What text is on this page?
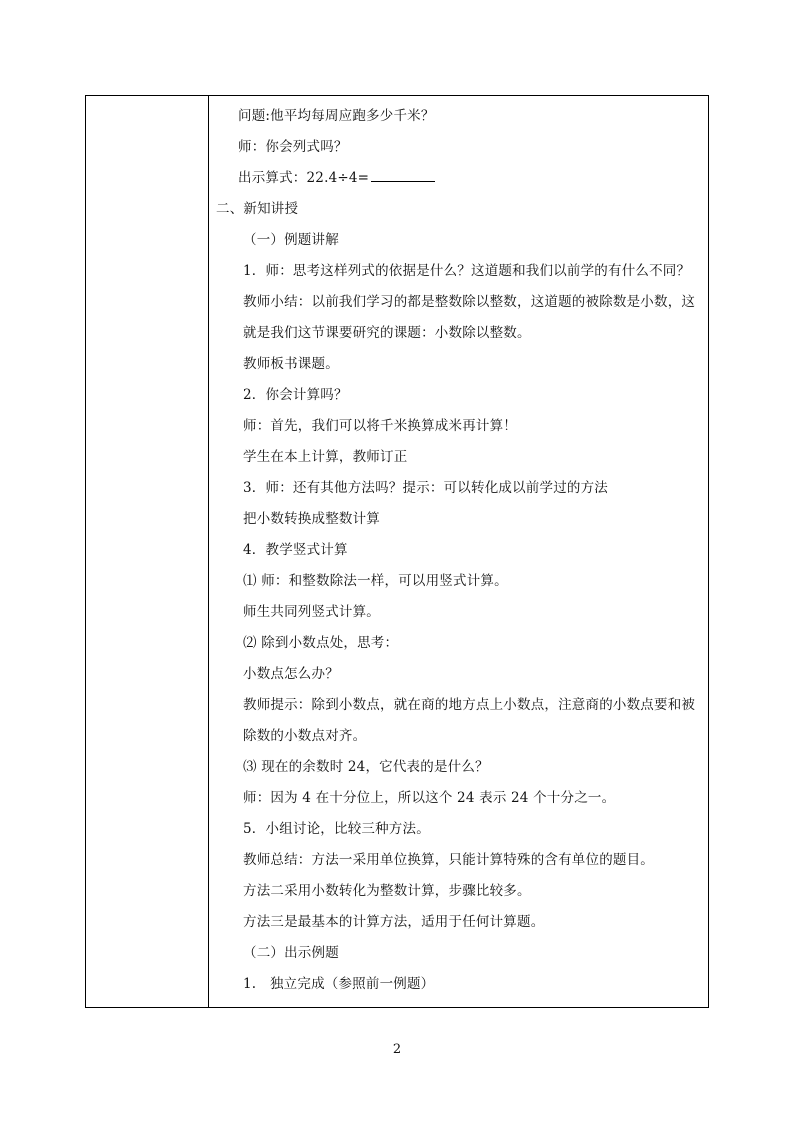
问题:他平均每周应跑多少千米？
师：你会列式吗？
出示算式：22.4÷4=
二、新知讲授
（一）例题讲解
1．师：思考这样列式的依据是什么？这道题和我们以前学的有什么不同？
教师小结：以前我们学习的都是整数除以整数，这道题的被除数是小数，这
就是我们这节课要研究的课题：小数除以整数。
教师板书课题。
2．你会计算吗？
师：首先，我们可以将千米换算成米再计算！
学生在本上计算，教师订正
3．师：还有其他方法吗？提示：可以转化成以前学过的方法
把小数转换成整数计算
4．教学竖式计算
⑴ 师：和整数除法一样，可以用竖式计算。
师生共同列竖式计算。
⑵ 除到小数点处，思考：
小数点怎么办？
教师提示：除到小数点，就在商的地方点上小数点，注意商的小数点要和被
除数的小数点对齐。
⑶ 现在的余数时 24，它代表的是什么？
师：因为 4 在十分位上，所以这个 24 表示 24 个十分之一。
5．小组讨论，比较三种方法。
教师总结：方法一采用单位换算，只能计算特殊的含有单位的题目。
方法二采用小数转化为整数计算，步骤比较多。
方法三是最基本的计算方法，适用于任何计算题。
（二）出示例题
1.　独立完成（参照前一例题）
2
